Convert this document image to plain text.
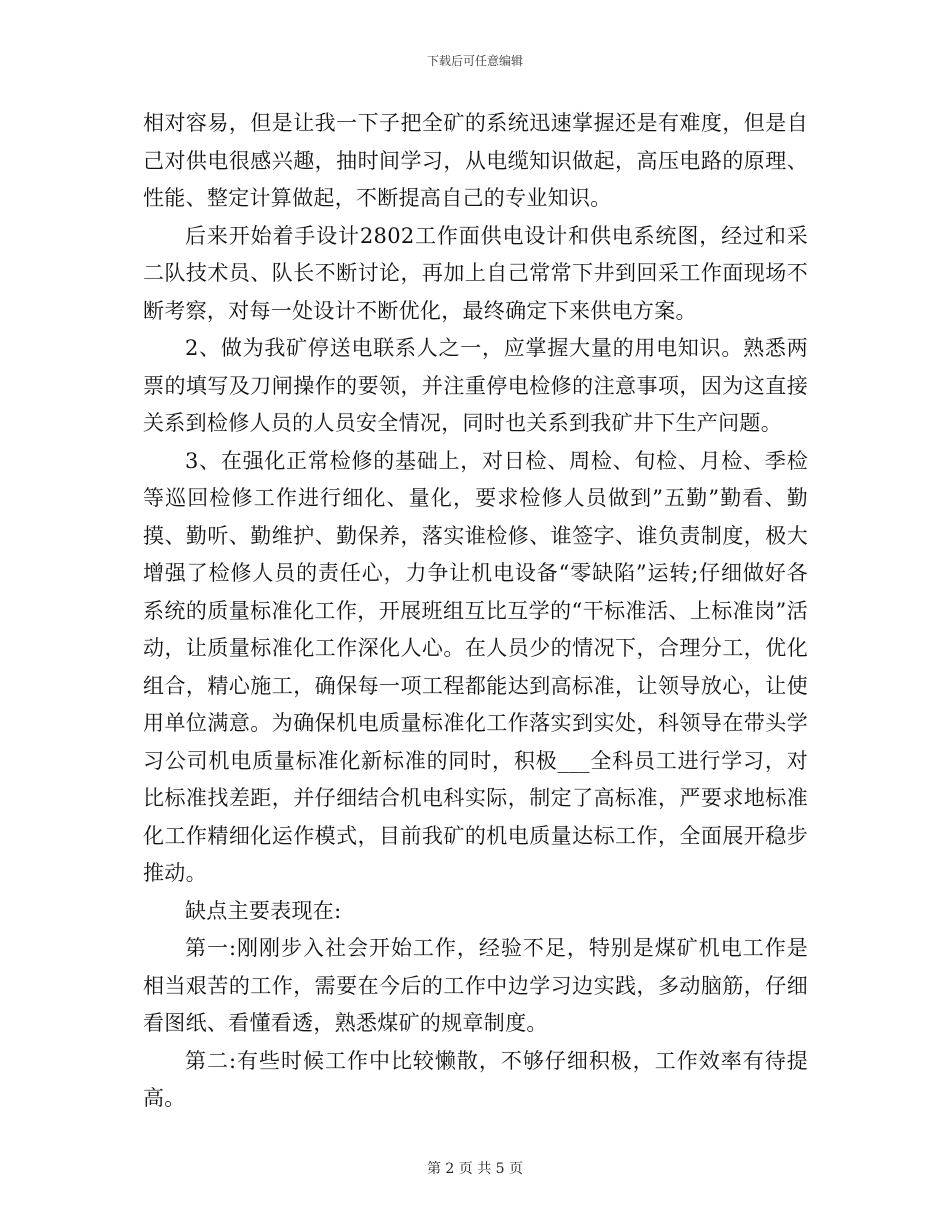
下载后可任意编辑

相对容易，但是让我一下子把全矿的系统迅速掌握还是有难度，但是自己对供电很感兴趣，抽时间学习，从电缆知识做起，高压电路的原理、性能、整定计算做起，不断提高自己的专业知识。

后来开始着手设计2802工作面供电设计和供电系统图，经过和采二队技术员、队长不断讨论，再加上自己常常下井到回采工作面现场不断考察，对每一处设计不断优化，最终确定下来供电方案。

2、做为我矿停送电联系人之一，应掌握大量的用电知识。熟悉两票的填写及刀闸操作的要领，并注重停电检修的注意事项，因为这直接关系到检修人员的人员安全情况，同时也关系到我矿井下生产问题。

3、在强化正常检修的基础上，对日检、周检、旬检、月检、季检等巡回检修工作进行细化、量化，要求检修人员做到”五勤”勤看、勤摸、勤听、勤维护、勤保养，落实谁检修、谁签字、谁负责制度，极大增强了检修人员的责任心，力争让机电设备“零缺陷”运转;仔细做好各系统的质量标准化工作，开展班组互比互学的“干标准活、上标准岗”活动，让质量标准化工作深化人心。在人员少的情况下，合理分工，优化组合，精心施工，确保每一项工程都能达到高标准，让领导放心，让使用单位满意。为确保机电质量标准化工作落实到实处，科领导在带头学习公司机电质量标准化新标准的同时，积极___全科员工进行学习，对比标准找差距，并仔细结合机电科实际，制定了高标准，严要求地标准化工作精细化运作模式，目前我矿的机电质量达标工作，全面展开稳步推动。

缺点主要表现在:

第一:刚刚步入社会开始工作，经验不足，特别是煤矿机电工作是相当艰苦的工作，需要在今后的工作中边学习边实践，多动脑筋，仔细看图纸、看懂看透，熟悉煤矿的规章制度。

第二:有些时候工作中比较懒散，不够仔细积极，工作效率有待提高。

第 2 页 共 5 页
